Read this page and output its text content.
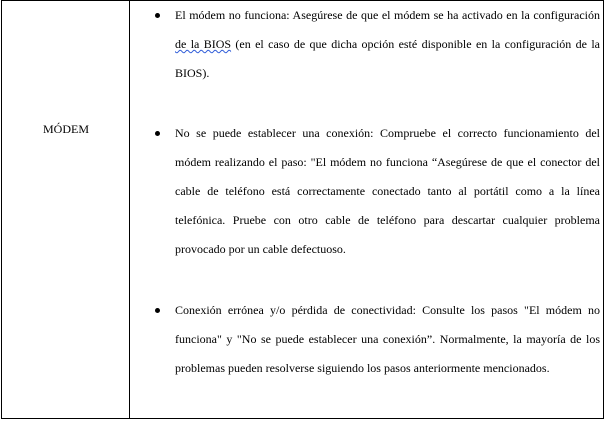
MÓDEM
El módem no funciona: Asegúrese de que el módem se ha activado en la configuración de la BIOS (en el caso de que dicha opción esté disponible en la configuración de la BIOS).
No se puede establecer una conexión: Compruebe el correcto funcionamiento del módem realizando el paso: "El módem no funciona “Asegúrese de que el conector del cable de teléfono está correctamente conectado tanto al portátil como a la línea telefónica. Pruebe con otro cable de teléfono para descartar cualquier problema provocado por un cable defectuoso.
Conexión errónea y/o pérdida de conectividad: Consulte los pasos "El módem no funciona" y "No se puede establecer una conexión”. Normalmente, la mayoría de los problemas pueden resolverse siguiendo los pasos anteriormente mencionados.
